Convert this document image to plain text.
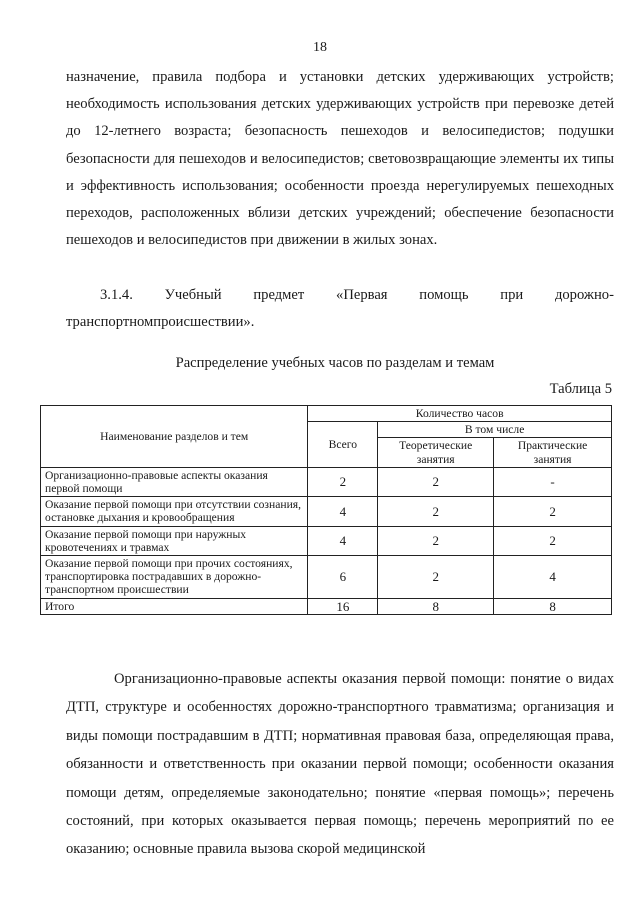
18

назначение, правила подбора и установки детских удерживающих устройств; необходимость использования детских удерживающих устройств при перевозке детей до 12-летнего возраста; безопасность пешеходов и велосипедистов; подушки безопасности для пешеходов и велосипедистов; световозвращающие элементы их типы и эффективность использования; особенности проезда нерегулируемых пешеходных переходов, расположенных вблизи детских учреждений; обеспечение безопасности пешеходов и велосипедистов при движении в жилых зонах.

3.1.4. Учебный предмет «Первая помощь при дорожно-
транспортномпроисшествии».
Распределение учебных часов по разделам и темам
Таблица 5
Наименование разделов и тем	Количество часов		
	Всего	В том числе	
		Теоретические занятия	Практические занятия
Организационно-правовые аспекты оказания первой помощи	2	2	-
Оказание первой помощи при отсутствии сознания, остановке дыхания и кровообращения	4	2	2
Оказание первой помощи при наружных кровотечениях и травмах	4	2	2
Оказание первой помощи при прочих состояниях, транспортировка пострадавших в дорожно-транспортном происшествии	6	2	4
Итого	16	8	8

Организационно-правовые аспекты оказания первой помощи: понятие о видах ДТП, структуре и особенностях дорожно-транспортного травматизма; организация и виды помощи пострадавшим в ДТП; нормативная правовая база, определяющая права, обязанности и ответственность при оказании первой помощи; особенности оказания помощи детям, определяемые законодательно; понятие «первая помощь»; перечень состояний, при которых оказывается первая помощь; перечень мероприятий по ее оказанию; основные правила вызова скорой медицинской
